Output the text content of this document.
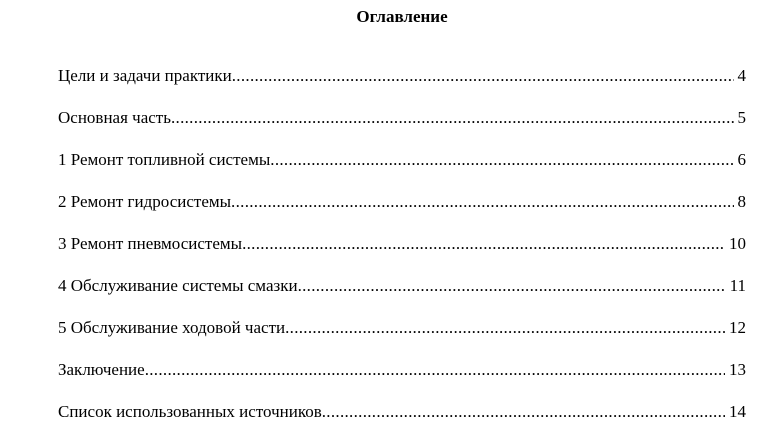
Оглавление
Цели и задачи практики .....	4
Основная часть .....	5
1 Ремонт топливной системы .....	6
2 Ремонт гидросистемы .....	8
3 Ремонт пневмосистемы .....	10
4 Обслуживание системы смазки .....	11
5 Обслуживание ходовой части .....	12
Заключение .....	13
Список использованных источников .....	14
